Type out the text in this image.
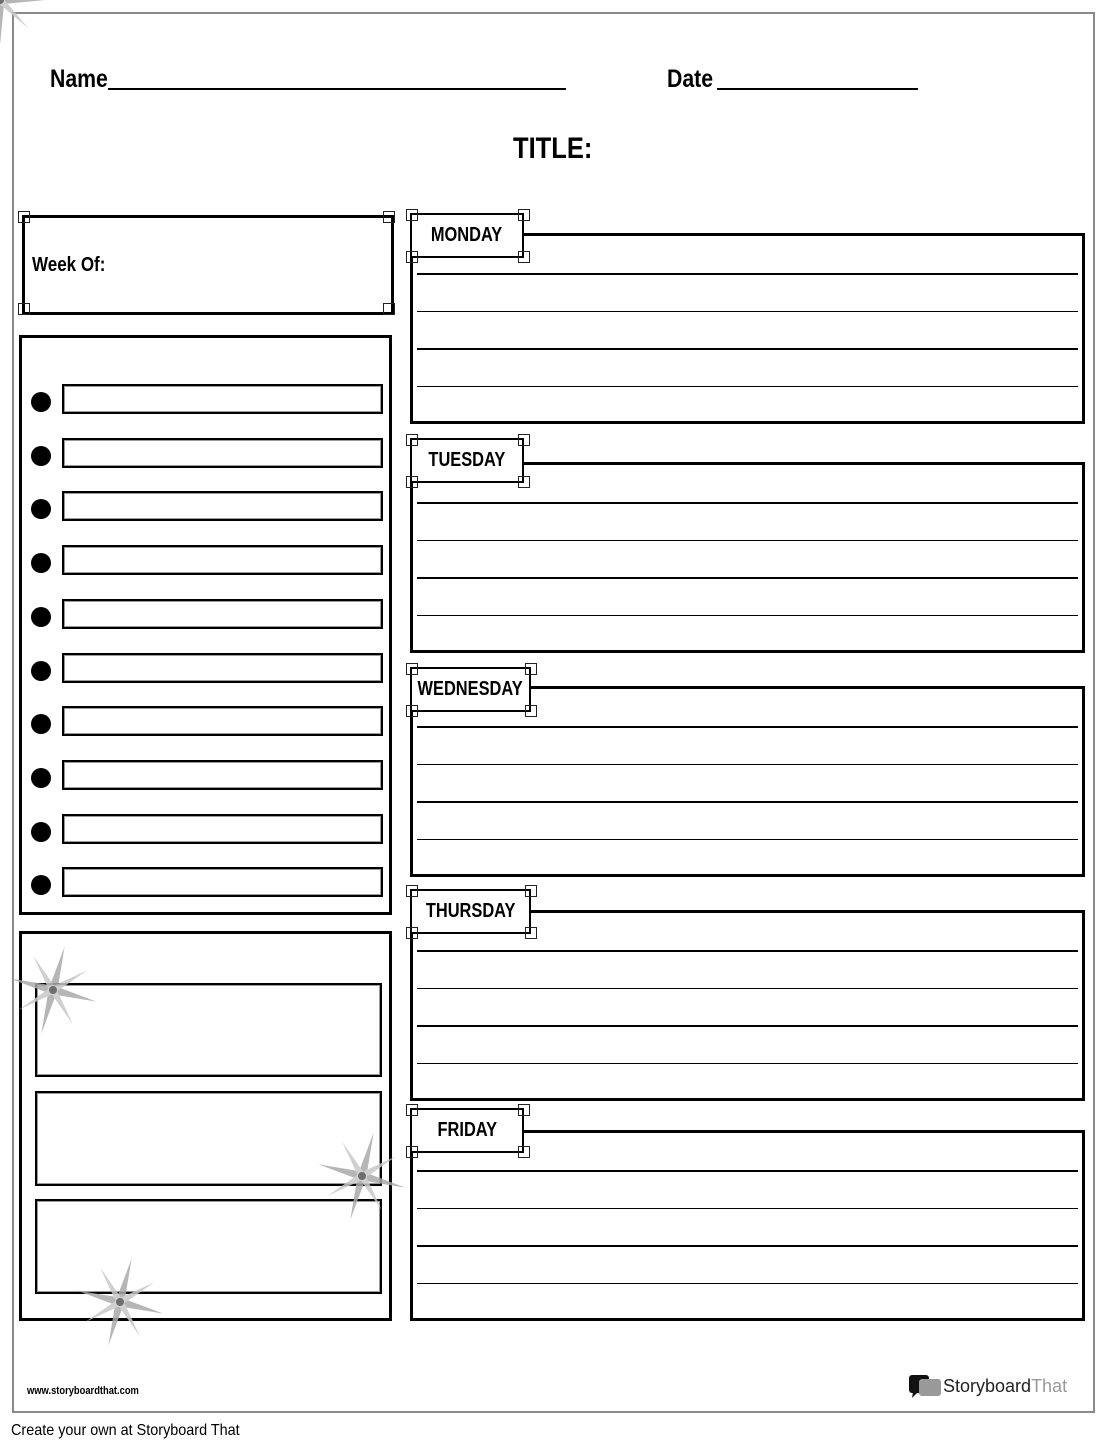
Name	Date
TITLE:
Week Of:
MONDAY
TUESDAY
WEDNESDAY
THURSDAY
FRIDAY
www.storyboardthat.com	Storyboard That
Create your own at Storyboard That
